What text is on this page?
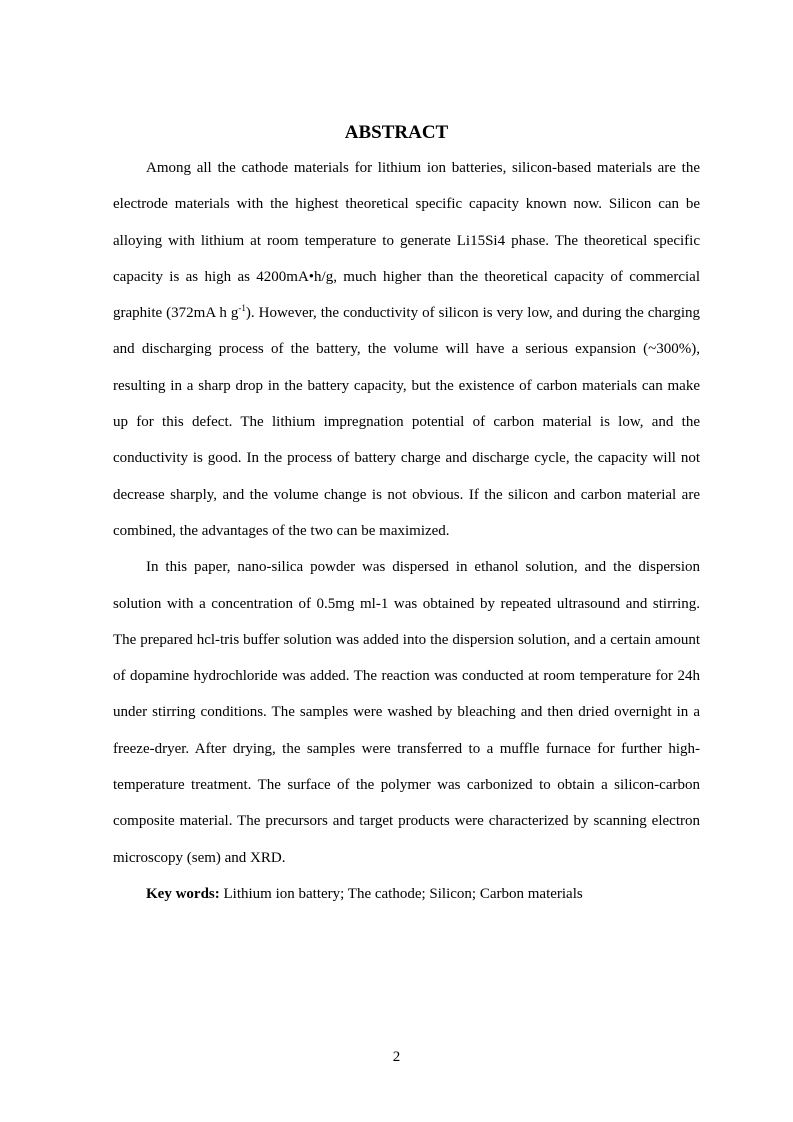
ABSTRACT

Among all the cathode materials for lithium ion batteries, silicon-based materials are the electrode materials with the highest theoretical specific capacity known now. Silicon can be alloying with lithium at room temperature to generate Li15Si4 phase. The theoretical specific capacity is as high as 4200mA•h/g, much higher than the theoretical capacity of commercial graphite (372mA h $g^{-1}$). However, the conductivity of silicon is very low, and during the charging and discharging process of the battery, the volume will have a serious expansion (~300%), resulting in a sharp drop in the battery capacity, but the existence of carbon materials can make up for this defect. The lithium impregnation potential of carbon material is low, and the conductivity is good. In the process of battery charge and discharge cycle, the capacity will not decrease sharply, and the volume change is not obvious. If the silicon and carbon material are combined, the advantages of the two can be maximized.

In this paper, nano-silica powder was dispersed in ethanol solution, and the dispersion solution with a concentration of 0.5mg ml-1 was obtained by repeated ultrasound and stirring. The prepared hcl-tris buffer solution was added into the dispersion solution, and a certain amount of dopamine hydrochloride was added. The reaction was conducted at room temperature for 24h under stirring conditions. The samples were washed by bleaching and then dried overnight in a freeze-dryer. After drying, the samples were transferred to a muffle furnace for further high-temperature treatment. The surface of the polymer was carbonized to obtain a silicon-carbon composite material. The precursors and target products were characterized by scanning electron microscopy (sem) and XRD.

Key words: Lithium ion battery; The cathode; Silicon; Carbon materials

2
